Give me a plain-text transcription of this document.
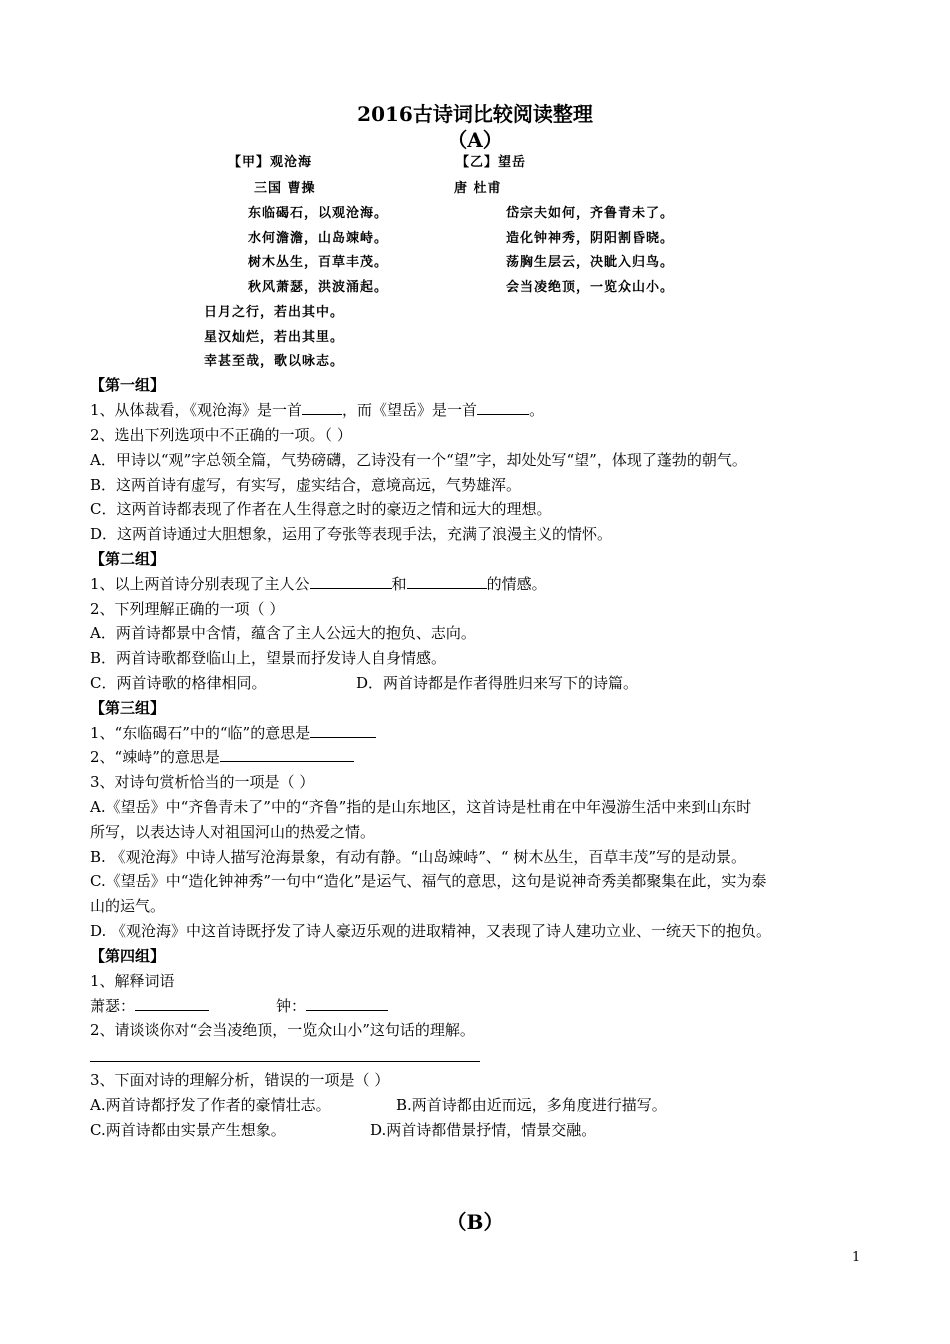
2016古诗词比较阅读整理
（A）
【甲】观沧海
三国 曹操
东临碣石，以观沧海。
水何澹澹，山岛竦峙。
树木丛生，百草丰茂。
秋风萧瑟，洪波涌起。
日月之行，若出其中。
星汉灿烂，若出其里。
幸甚至哉，歌以咏志。
【乙】望岳
唐 杜甫
岱宗夫如何，齐鲁青未了。
造化钟神秀，阴阳割昏晓。
荡胸生层云，决眦入归鸟。
会当凌绝顶，一览众山小。
【第一组】
1、从体裁看，《观沧海》是一首	，而《望岳》是一首	。
2、选出下列选项中不正确的一项。（ ）
A．甲诗以“观”字总领全篇，气势磅礴，乙诗没有一个“望”字，却处处写“望”，体现了蓬勃的朝气。
B．这两首诗有虚写，有实写，虚实结合，意境高远，气势雄浑。
C．这两首诗都表现了作者在人生得意之时的豪迈之情和远大的理想。
D．这两首诗通过大胆想象，运用了夸张等表现手法，充满了浪漫主义的情怀。
【第二组】
1、以上两首诗分别表现了主人公	和	的情感。
2、下列理解正确的一项（ ）
A．两首诗都景中含情，蕴含了主人公远大的抱负、志向。
B．两首诗歌都登临山上，望景而抒发诗人自身情感。
C．两首诗歌的格律相同。	D．两首诗都是作者得胜归来写下的诗篇。
【第三组】
1、“东临碣石”中的“临”的意思是
2、“竦峙”的意思是
3、对诗句赏析恰当的一项是（ ）
A.《望岳》中“齐鲁青未了”中的“齐鲁”指的是山东地区，这首诗是杜甫在中年漫游生活中来到山东时
所写，以表达诗人对祖国河山的热爱之情。
B. 《观沧海》中诗人描写沧海景象，有动有静。“山岛竦峙”、“ 树木丛生，百草丰茂”写的是动景。
C.《望岳》中“造化钟神秀”一句中“造化”是运气、福气的意思，这句是说神奇秀美都聚集在此，实为泰
山的运气。
D. 《观沧海》中这首诗既抒发了诗人豪迈乐观的进取精神，又表现了诗人建功立业、一统天下的抱负。
【第四组】
1、解释词语
萧瑟：	钟：
2、请谈谈你对“会当凌绝顶，一览众山小”这句话的理解。
3、下面对诗的理解分析，错误的一项是（ ）
A.两首诗都抒发了作者的豪情壮志。	B.两首诗都由近而远，多角度进行描写。
C.两首诗都由实景产生想象。	D.两首诗都借景抒情，情景交融。
（B）
1
